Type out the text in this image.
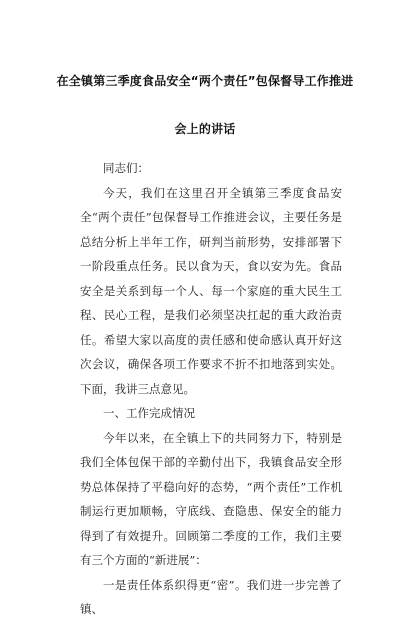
在全镇第三季度食品安全“两个责任”包保督导工作推进
会上的讲话

同志们：

今天，我们在这里召开全镇第三季度食品安全“两个责任”包保督导工作推进会议，主要任务是总结分析上半年工作，研判当前形势，安排部署下一阶段重点任务。民以食为天，食以安为先。食品安全是关系到每一个人、每一个家庭的重大民生工程、民心工程，是我们必须坚决扛起的重大政治责任。希望大家以高度的责任感和使命感认真开好这次会议，确保各项工作要求不折不扣地落到实处。下面，我讲三点意见。

一、工作完成情况

今年以来，在全镇上下的共同努力下，特别是我们全体包保干部的辛勤付出下，我镇食品安全形势总体保持了平稳向好的态势，“两个责任”工作机制运行更加顺畅，守底线、查隐患、保安全的能力得到了有效提升。回顾第二季度的工作，我们主要有三个方面的“新进展”：

一是责任体系织得更“密”。我们进一步完善了镇、
